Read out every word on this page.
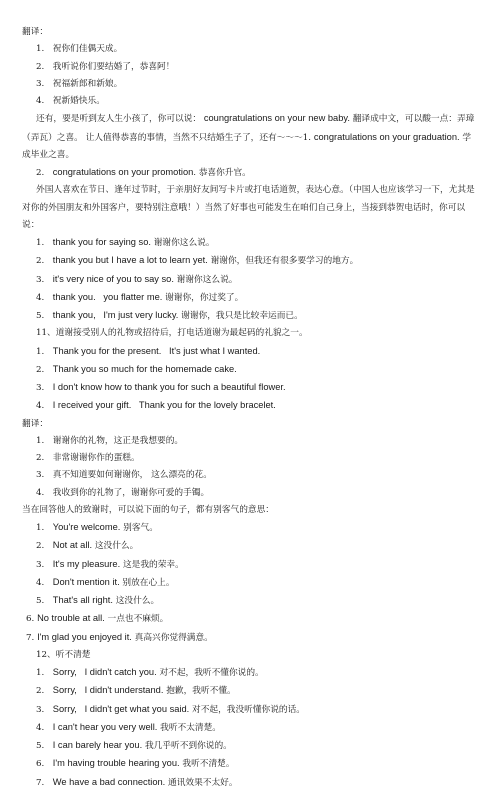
翻译：
1. 祝你们佳偶天成。
2. 我听说你们要结婚了，恭喜阿！
3. 祝福新郎和新娘。
4. 祝新婚快乐。
还有，要是听到友人生小孩了，你可以说： coungratulations on your new baby. 翻译成中文，可以酸一点：弄璋（弄瓦）之喜。 让人值得恭喜的事情，当然不只结婚生子了，还有～～～1. congratulations on your graduation. 学成毕业之喜。
2. congratulations on your promotion. 恭喜你升官。
外国人喜欢在节日、逢年过节时，于亲朋好友间写卡片或打电话道贺，表达心意。（中国人也应该学习一下，尤其是对你的外国朋友和外国客户，要特别注意哦！）当然了好事也可能发生在咱们自己身上，当接到恭贺电话时，你可以说：
1. thank you for saying so. 谢谢你这么说。
2. thank you but I have a lot to learn yet. 谢谢你，但我还有很多要学习的地方。
3. it's very nice of you to say so. 谢谢你这么说。
4. thank you.   you flatter me. 谢谢你，你过奖了。
5. thank you,   I'm just very lucky. 谢谢你，我只是比较幸运而已。
11、道谢接受别人的礼物或招待后，打电话道谢为最起码的礼貌之一。
1. Thank you for the present.   It's just what I wanted.
2. Thank you so much for the homemade cake.
3. I don't know how to thank you for such a beautiful flower.
4. I received your gift.   Thank you for the lovely bracelet.
翻译：
1. 谢谢你的礼物，这正是我想要的。
2. 非常谢谢你作的蛋糕。
3. 真不知道要如何谢谢你， 这么漂亮的花。
4. 我收到你的礼物了，谢谢你可爱的手镯。
当在回答他人的致谢时，可以说下面的句子，都有别客气的意思：
1. You're welcome. 别客气。
2. Not at all. 这没什么。
3. It's my pleasure. 这是我的荣幸。
4. Don't mention it. 别放在心上。
5. That's all right. 这没什么。
6. No trouble at all. 一点也不麻烦。
7. I'm glad you enjoyed it. 真高兴你觉得满意。
12、听不清楚
1. Sorry,   I didn't catch you. 对不起，我听不懂你说的。
2. Sorry,   I didn't understand. 抱歉，我听不懂。
3. Sorry,   I didn't get what you said. 对不起，我没听懂你说的话。
4. I can't hear you very well. 我听不太清楚。
5. I can barely hear you. 我几乎听不到你说的。
6. I'm having trouble hearing you. 我听不清楚。
7. We have a bad connection. 通讯效果不太好。
